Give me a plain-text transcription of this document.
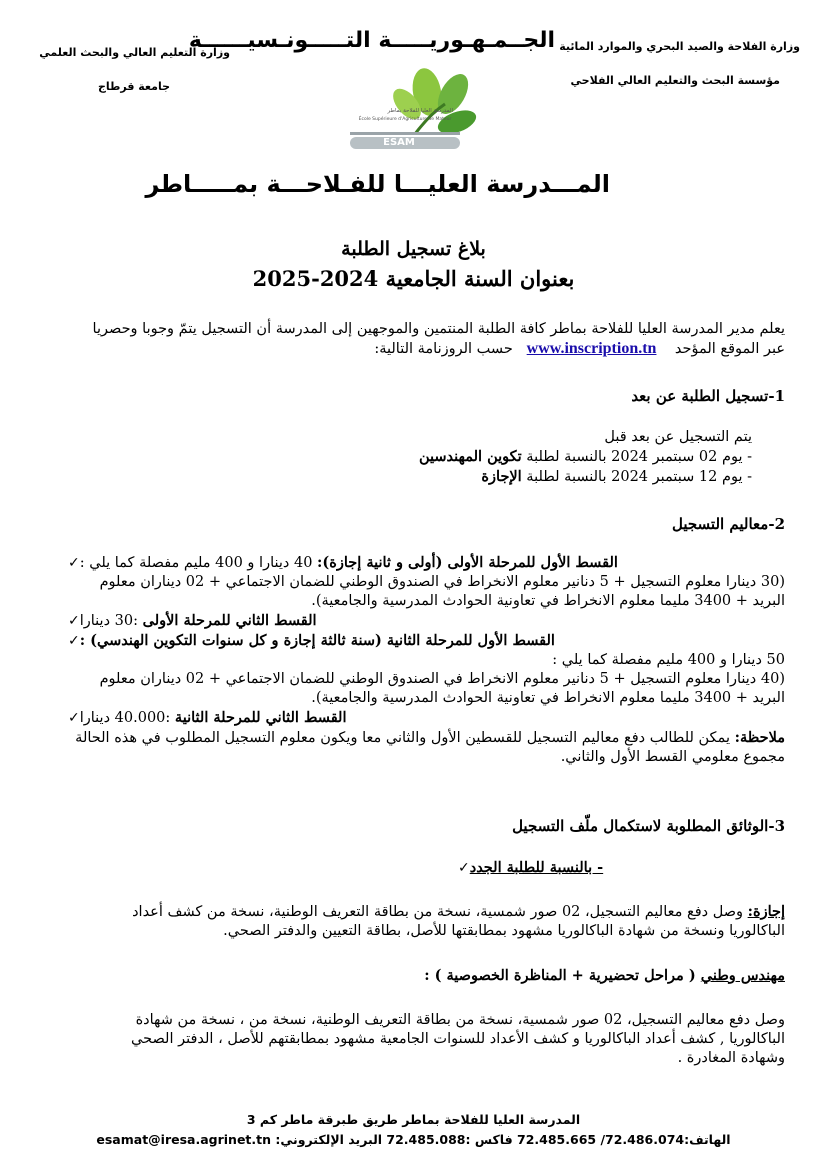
وزارة التعليم العالي والبحث العلمي
جامعة قرطاج
الجــمـهـوريـــــة التـــــونـسيــــــة وزارة الفلاحة والصيد البحري والموارد المائية
مؤسسة البحث والتعليم العالي الفلاحي
المدرسة العليا للفلاحة بماطر
École Supérieure d'Agriculture de Mateur
ESAM
المـــدرسة العليـــا للفـلاحـــة بمـــــاطر
بلاغ تسجيل الطلبة
بعنوان السنة الجامعية 2024-2025
يعلم مدير المدرسة العليا للفلاحة بماطر كافة الطلبة المنتمين والموجهين إلى المدرسة أن التسجيل يتمّ وجوبا وحصريا
عبر الموقع المؤحد    www.inscription.tn   حسب الروزنامة التالية:
1-تسجيل الطلبة عن بعد
يتم التسجيل عن بعد قبل
- يوم 02 سبتمبر 2024 بالنسبة لطلبة تكوين المهندسين
- يوم 12 سبتمبر 2024 بالنسبة لطلبة الإجازة
2-معاليم التسجيل
✓	القسط الأول للمرحلة الأولى (أولى و ثانية إجازة): 40 دينارا و 400 مليم مفصلة كما يلي :
(30 دينارا معلوم التسجيل + 5 دنانير معلوم الانخراط في الصندوق الوطني للضمان الاجتماعي + 02 ديناران معلوم
البريد + 3400 مليما معلوم الانخراط في تعاونية الحوادث المدرسية والجامعية).
✓	القسط الثاني للمرحلة الأولى :30 دينارا
✓ القسط الأول للمرحلة الثانية (سنة ثالثة إجازة و كل سنوات التكوين الهندسي) :
50 دينارا و 400 مليم مفصلة كما يلي :
(40 دينارا معلوم التسجيل + 5 دنانير معلوم الانخراط في الصندوق الوطني للضمان الاجتماعي + 02 ديناران معلوم
البريد + 3400 مليما معلوم الانخراط في تعاونية الحوادث المدرسية والجامعية).
✓	القسط الثاني للمرحلة الثانية :40.000 دينارا
ملاحظة: يمكن للطالب دفع معاليم التسجيل للقسطين الأول والثاني معا ويكون معلوم التسجيل المطلوب في هذه الحالة
مجموع معلومي القسط الأول والثاني.
3-الوثائق المطلوبة لاستكمال ملّف التسجيل
✓ - بالنسبة للطلبة الجدد
إجازة: وصل دفع معاليم التسجيل، 02 صور شمسية، نسخة من بطاقة التعريف الوطنية، نسخة من كشف أعداد
الباكالوريا ونسخة من شهادة الباكالوريا مشهود بمطابقتها للأصل، بطاقة التعيين والدفتر الصحي.
مهندس وطني ( مراحل تحضيرية + المناظرة الخصوصية ) :
وصل دفع معاليم التسجيل، 02 صور شمسية، نسخة من بطاقة التعريف الوطنية، نسخة من ، نسخة من شهادة
الباكالوريا , كشف أعداد الباكالوريا و كشف الأعداد للسنوات الجامعية مشهود بمطابقتهم للأصل ، الدفتر الصحي
وشهادة المغادرة .
المدرسة العليا للفلاحة بماطر طريق طبرقة ماطر كم 3
الهاتف:72.486.074/ 72.485.665 فاكس :72.485.088 البريد الإلكتروني: esamat@iresa.agrinet.tn
